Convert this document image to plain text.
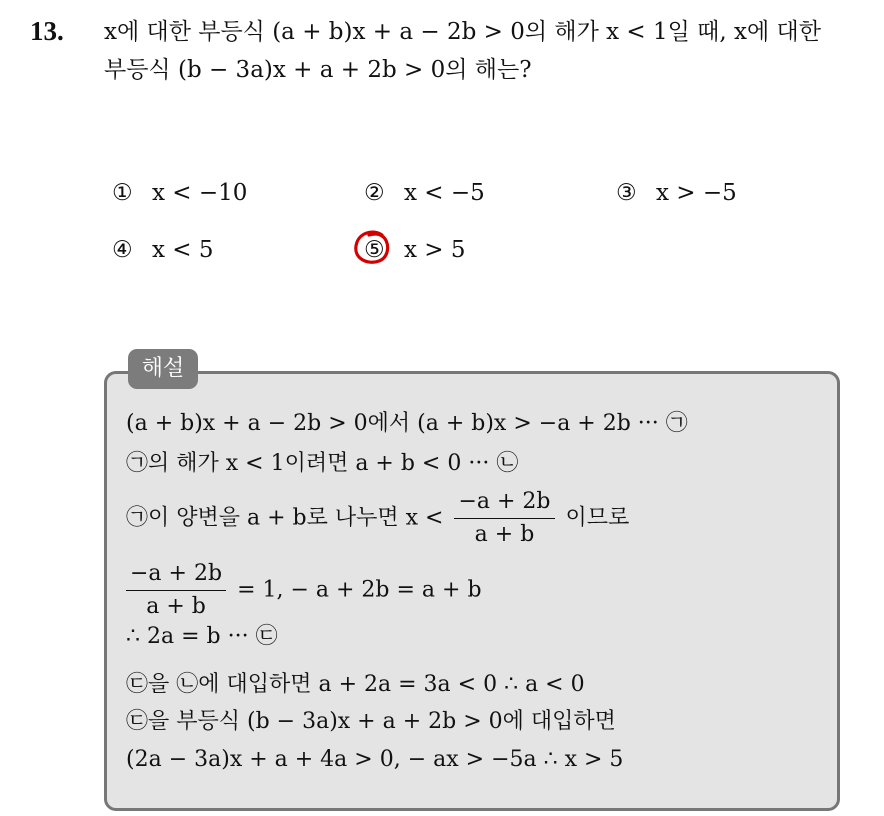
13. x에 대한 부등식 (a + b)x + a − 2b > 0의 해가 x < 1일 때, x에 대한
부등식 (b − 3a)x + a + 2b > 0의 해는?
① x < −10	② x < −5	③ x > −5
④ x < 5	⑤ x > 5
해설
(a + b)x + a − 2b > 0에서 (a + b)x > −a + 2b ··· ㉠
㉠의 해가 x < 1이려면 a + b < 0 ··· ㉡
㉠이 양변을 a + b로 나누면 $x < \frac{-a + 2b}{a + b}$ 이므로
$\frac{-a + 2b}{a + b} = 1$, − a + 2b = a + b
∴ 2a = b ··· ㉢
㉢을 ㉡에 대입하면 a + 2a = 3a < 0 ∴ a < 0
㉢을 부등식 (b − 3a)x + a + 2b > 0에 대입하면
(2a − 3a)x + a + 4a > 0, − ax > −5a ∴ x > 5
